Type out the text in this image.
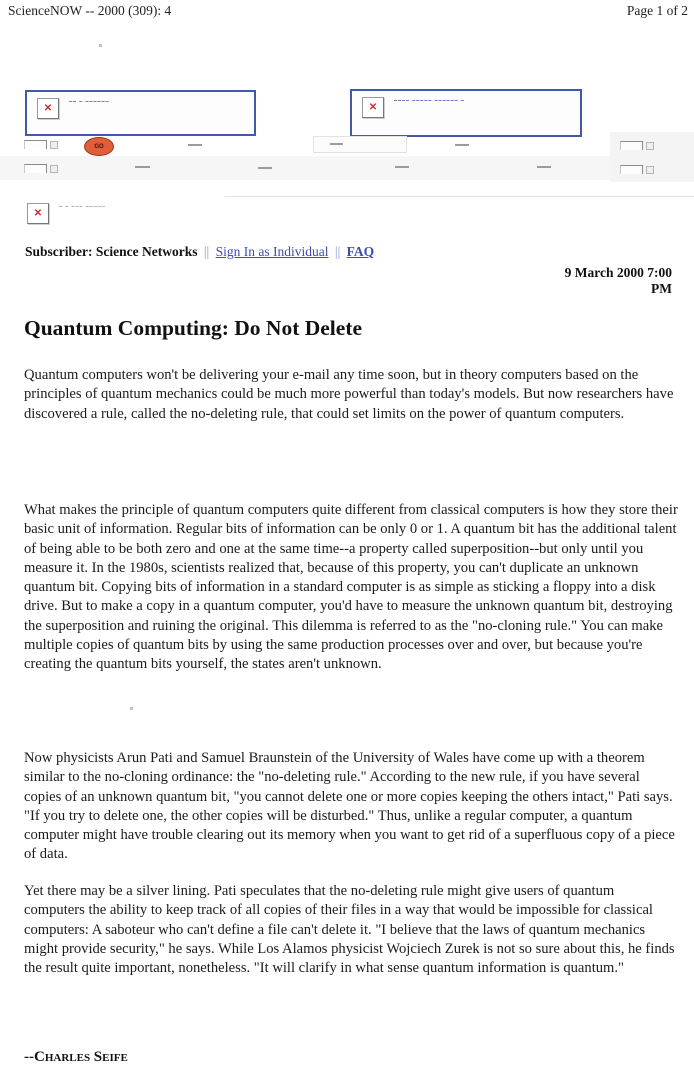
ScienceNOW -- 2000 (309): 4	Page 1 of 2
✕
━━ ━ ━━━━━━	✕
━━━━ ━━━━━ ━━━━━━ ━
GO
✕
━ ━ ━━━ ━━━━━
Subscriber: Science Networks || Sign In as Individual || FAQ
9 March 2000 7:00
PM
Quantum Computing: Do Not Delete

Quantum computers won't be delivering your e-mail any time soon, but in theory computers based on the principles of quantum mechanics could be much more powerful than today's models. But now researchers have discovered a rule, called the no-deleting rule, that could set limits on the power of quantum computers.

What makes the principle of quantum computers quite different from classical computers is how they store their basic unit of information. Regular bits of information can be only 0 or 1. A quantum bit has the additional talent of being able to be both zero and one at the same time--a property called superposition--but only until you measure it. In the 1980s, scientists realized that, because of this property, you can't duplicate an unknown quantum bit. Copying bits of information in a standard computer is as simple as sticking a floppy into a disk drive. But to make a copy in a quantum computer, you'd have to measure the unknown quantum bit, destroying the superposition and ruining the original. This dilemma is referred to as the "no-cloning rule." You can make multiple copies of quantum bits by using the same production processes over and over, but because you're creating the quantum bits yourself, the states aren't unknown.

Now physicists Arun Pati and Samuel Braunstein of the University of Wales have come up with a theorem similar to the no-cloning ordinance: the "no-deleting rule." According to the new rule, if you have several copies of an unknown quantum bit, "you cannot delete one or more copies keeping the others intact," Pati says. "If you try to delete one, the other copies will be disturbed." Thus, unlike a regular computer, a quantum computer might have trouble clearing out its memory when you want to get rid of a superfluous copy of a piece of data.

Yet there may be a silver lining. Pati speculates that the no-deleting rule might give users of quantum computers the ability to keep track of all copies of their files in a way that would be impossible for classical computers: A saboteur who can't define a file can't delete it. "I believe that the laws of quantum mechanics might provide security," he says. While Los Alamos physicist Wojciech Zurek is not so sure about this, he finds the result quite important, nonetheless. "It will clarify in what sense quantum information is quantum."

--Charles Seife
